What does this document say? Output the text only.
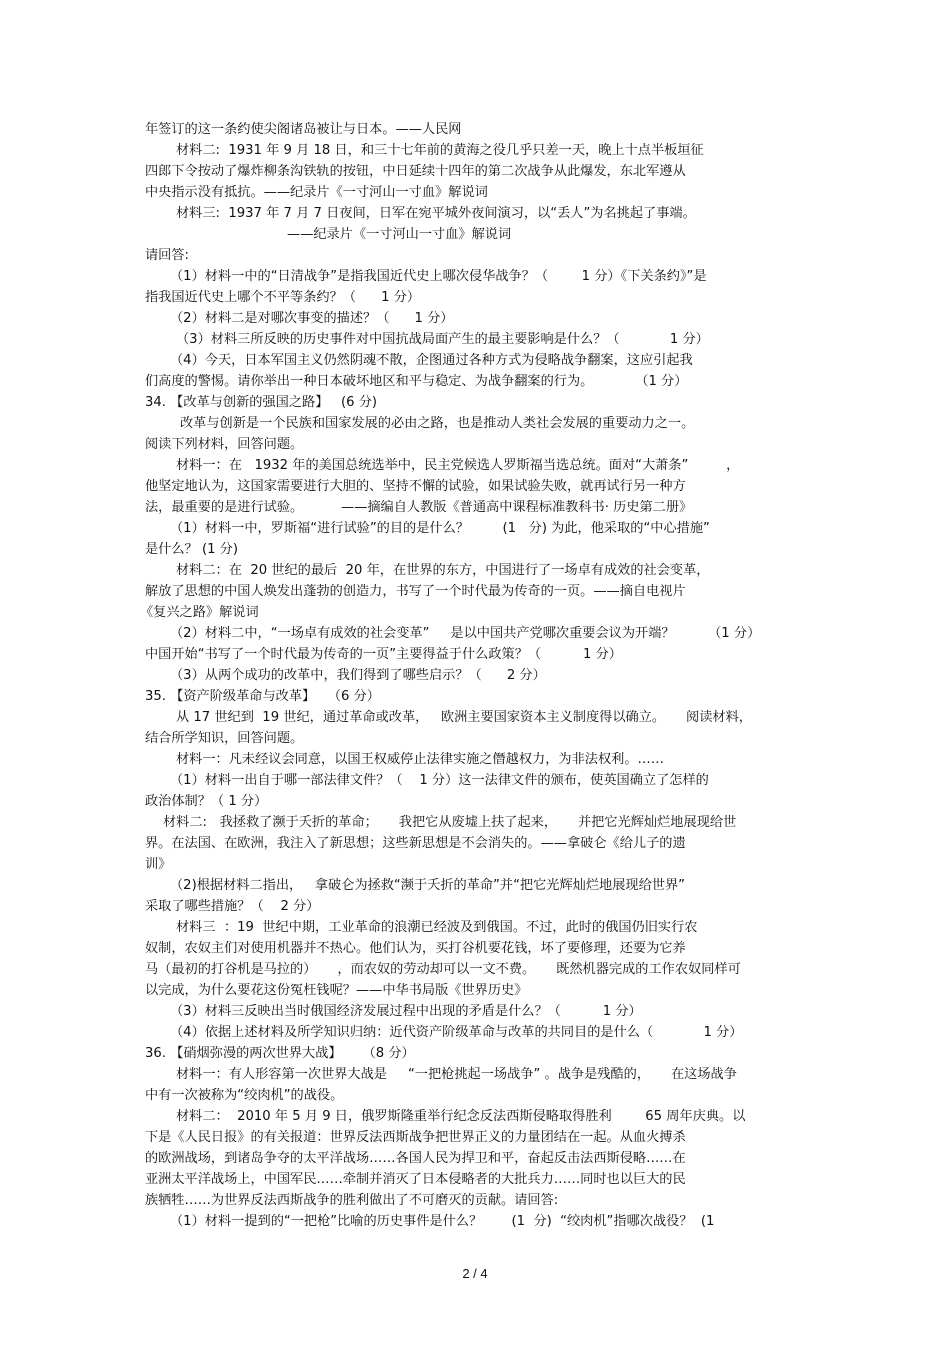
年签订的这一条约使尖阁诸岛被让与日本。——人民网
材料二:  1931 年 9 月 18 日，和三十七年前的黄海之役几乎只差一天，晚上十点半板垣征
四郎下令按动了爆炸柳条沟铁轨的按钮，中日延续十四年的第二次战争从此爆发，东北军遵从
中央指示没有抵抗。——纪录片《一寸河山一寸血》解说词
材料三:  1937 年 7 月 7 日夜间，日军在宛平城外夜间演习，以“丢人”为名挑起了事端。
——纪录片《一寸河山一寸血》解说词
请回答:
（1）材料一中的“日清战争”是指我国近代史上哪次侵华战争？（        1 分）《下关条约》”是
指我国近代史上哪个不平等条约？（      1 分）
（2）材料二是对哪次事变的描述？（      1 分）
（3）材料三所反映的历史事件对中国抗战局面产生的最主要影响是什么？（            1 分）
（4）今天，日本军国主义仍然阴魂不散，企图通过各种方式为侵略战争翻案，这应引起我
们高度的警惕。请你举出一种日本破坏地区和平与稳定、为战争翻案的行为。          （1 分）
34. 【改革与创新的强国之路】   (6 分)
改革与创新是一个民族和国家发展的必由之路，也是推动人类社会发展的重要动力之一。
阅读下列材料，回答问题。
材料一：在   1932 年的美国总统选举中，民主党候选人罗斯福当选总统。面对“大萧条”         ，
他坚定地认为，这国家需要进行大胆的、坚持不懈的试验，如果试验失败，就再试行另一种方
法，最重要的是进行试验。         ——摘编自人教版《普通高中课程标准教科书· 历史第二册》
（1）材料一中，罗斯福“进行试验”的目的是什么？        (1   分) 为此，他采取的“中心措施”
是什么？ (1 分)
材料二：在  20 世纪的最后  20 年，在世界的东方，中国进行了一场卓有成效的社会变革，
解放了思想的中国人焕发出蓬勃的创造力，书写了一个时代最为传奇的一页。——摘自电视片
《复兴之路》解说词
（2）材料二中，“一场卓有成效的社会变革”     是以中国共产党哪次重要会议为开端？        （1 分）
中国开始“书写了一个时代最为传奇的一页”主要得益于什么政策？（          1 分）
（3）从两个成功的改革中，我们得到了哪些启示？（      2 分）
35. 【资产阶级革命与改革】   （6 分）
从 17 世纪到  19 世纪，通过革命或改革，   欧洲主要国家资本主义制度得以确立。     阅读材料，
结合所学知识，回答问题。
材料一：凡未经议会同意，以国王权威停止法律实施之僭越权力，为非法权利。……
（1）材料一出自于哪一部法律文件？（    1 分）这一法律文件的颁布，使英国确立了怎样的
政治体制？（ 1 分）
材料二:   我拯救了濒于夭折的革命；     我把它从废墟上扶了起来，     并把它光辉灿烂地展现给世
界。在法国、在欧洲，我注入了新思想；这些新思想是不会消失的。——拿破仑《给儿子的遗
训》
（2)根据材料二指出，   拿破仑为拯救“濒于夭折的革命”并“把它光辉灿烂地展现给世界”
采取了哪些措施？（    2 分）
材料三  ：19  世纪中期，工业革命的浪潮已经波及到俄国。不过，此时的俄国仍旧实行农
奴制，农奴主们对使用机器并不热心。他们认为，买打谷机要花钱，坏了要修理，还要为它养
马（最初的打谷机是马拉的）     ，而农奴的劳动却可以一文不费。     既然机器完成的工作农奴同样可
以完成，为什么要花这份冤枉钱呢？——中华书局版《世界历史》
（3）材料三反映出当时俄国经济发展过程中出现的矛盾是什么？（          1 分）
（4）依据上述材料及所学知识归纳：近代资产阶级革命与改革的共同目的是什么（            1 分）
36. 【硝烟弥漫的两次世界大战】     （8 分）
材料一：有人形容第一次世界大战是     “一把枪挑起一场战争” 。战争是残酷的，     在这场战争
中有一次被称为“绞肉机”的战役。
材料二：  2010 年 5 月 9 日，俄罗斯隆重举行纪念反法西斯侵略取得胜利        65 周年庆典。以
下是《人民日报》的有关报道：世界反法西斯战争把世界正义的力量团结在一起。从血火搏杀
的欧洲战场，到诸岛争夺的太平洋战场……各国人民为捍卫和平，奋起反击法西斯侵略……在
亚洲太平洋战场上，中国军民……牵制并消灭了日本侵略者的大批兵力……同时也以巨大的民
族牺牲……为世界反法西斯战争的胜利做出了不可磨灭的贡献。请回答:
（1）材料一提到的“一把枪”比喻的历史事件是什么？       (1  分)  “绞肉机”指哪次战役？  (1
2 / 4
